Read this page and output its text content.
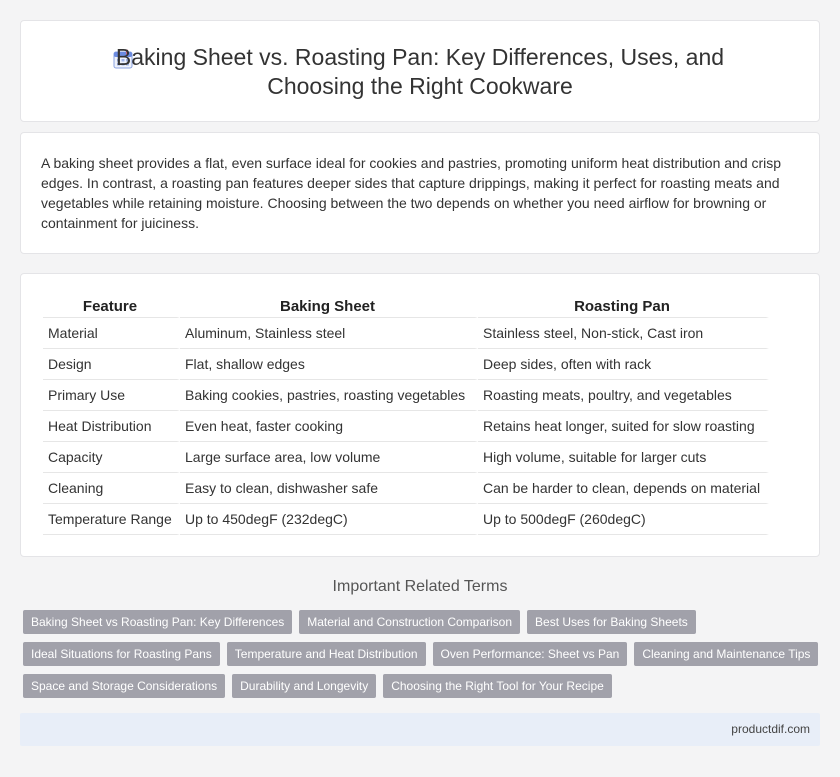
Baking Sheet vs. Roasting Pan: Key Differences, Uses, and
Choosing the Right Cookware

A baking sheet provides a flat, even surface ideal for cookies and pastries, promoting uniform heat distribution and crisp edges. In contrast, a roasting pan features deeper sides that capture drippings, making it perfect for roasting meats and vegetables while retaining moisture. Choosing between the two depends on whether you need airflow for browning or containment for juiciness.

Feature	Baking Sheet	Roasting Pan
Material	Aluminum, Stainless steel	Stainless steel, Non-stick, Cast iron
Design	Flat, shallow edges	Deep sides, often with rack
Primary Use	Baking cookies, pastries, roasting vegetables	Roasting meats, poultry, and vegetables
Heat Distribution	Even heat, faster cooking	Retains heat longer, suited for slow roasting
Capacity	Large surface area, low volume	High volume, suitable for larger cuts
Cleaning	Easy to clean, dishwasher safe	Can be harder to clean, depends on material
Temperature Range	Up to 450degF (232degC)	Up to 500degF (260degC)
Important Related Terms
Baking Sheet vs Roasting Pan: Key Differences	Material and Construction Comparison	Best Uses for Baking Sheets
Ideal Situations for Roasting Pans	Temperature and Heat Distribution	Oven Performance: Sheet vs Pan	Cleaning and Maintenance Tips
Space and Storage Considerations	Durability and Longevity	Choosing the Right Tool for Your Recipe
productdif.com
